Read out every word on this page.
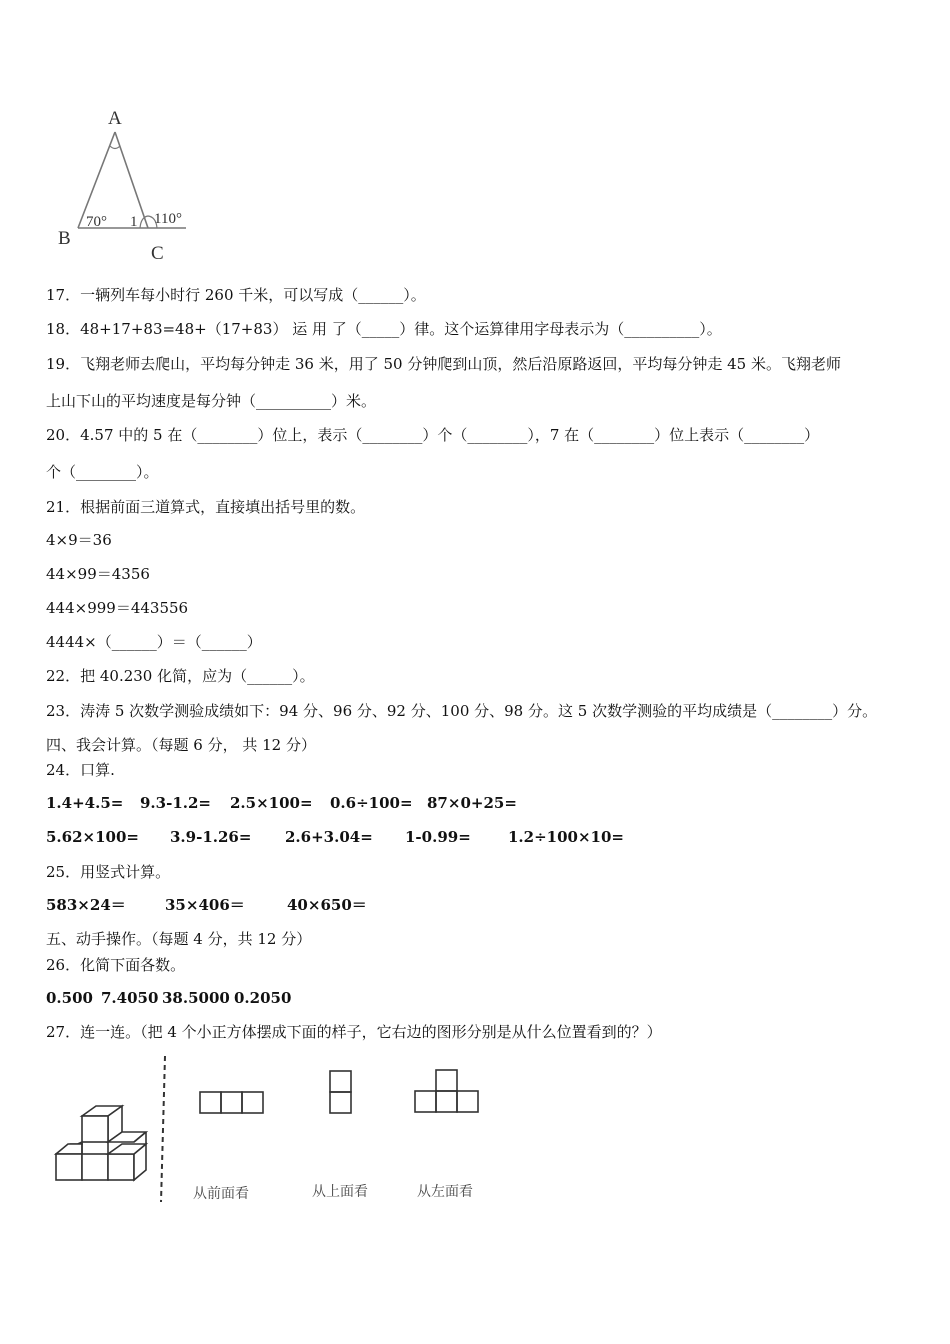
A
B
C
70° 1 110°
17．一辆列车每小时行 260 千米，可以写成（______）。
18．48+17+83=48+（17+83） 运 用 了（_____）律。这个运算律用字母表示为（__________）。
19．飞翔老师去爬山，平均每分钟走 36 米，用了 50 分钟爬到山顶，然后沿原路返回，平均每分钟走 45 米。飞翔老师
上山下山的平均速度是每分钟（__________）米。
20．4.57 中的 5 在（________）位上，表示（________）个（________），7 在（________）位上表示（________）
个（________）。
21．根据前面三道算式，直接填出括号里的数。
4×9＝36
44×99＝4356
444×999＝443556
4444×（______）＝（______）
22．把 40.230 化简，应为（______）。
23．涛涛 5 次数学测验成绩如下：94 分、96 分、92 分、100 分、98 分。这 5 次数学测验的平均成绩是（________）分。
四、我会计算。（每题 6 分， 共 12 分）
24．口算.
1.4+4.5= 9.3-1.2= 2.5×100= 0.6÷100= 87×0+25=
5.62×100= 3.9-1.26= 2.6+3.04= 1-0.99= 1.2÷100×10=
25．用竖式计算。
583×24＝	35×406＝	40×650＝
五、动手操作。（每题 4 分，共 12 分）
26．化简下面各数。
0.500 7.4050 38.5000 0.2050
27．连一连。（把 4 个小正方体摆成下面的样子，它右边的图形分别是从什么位置看到的？）
从前面看	从上面看	从左面看
